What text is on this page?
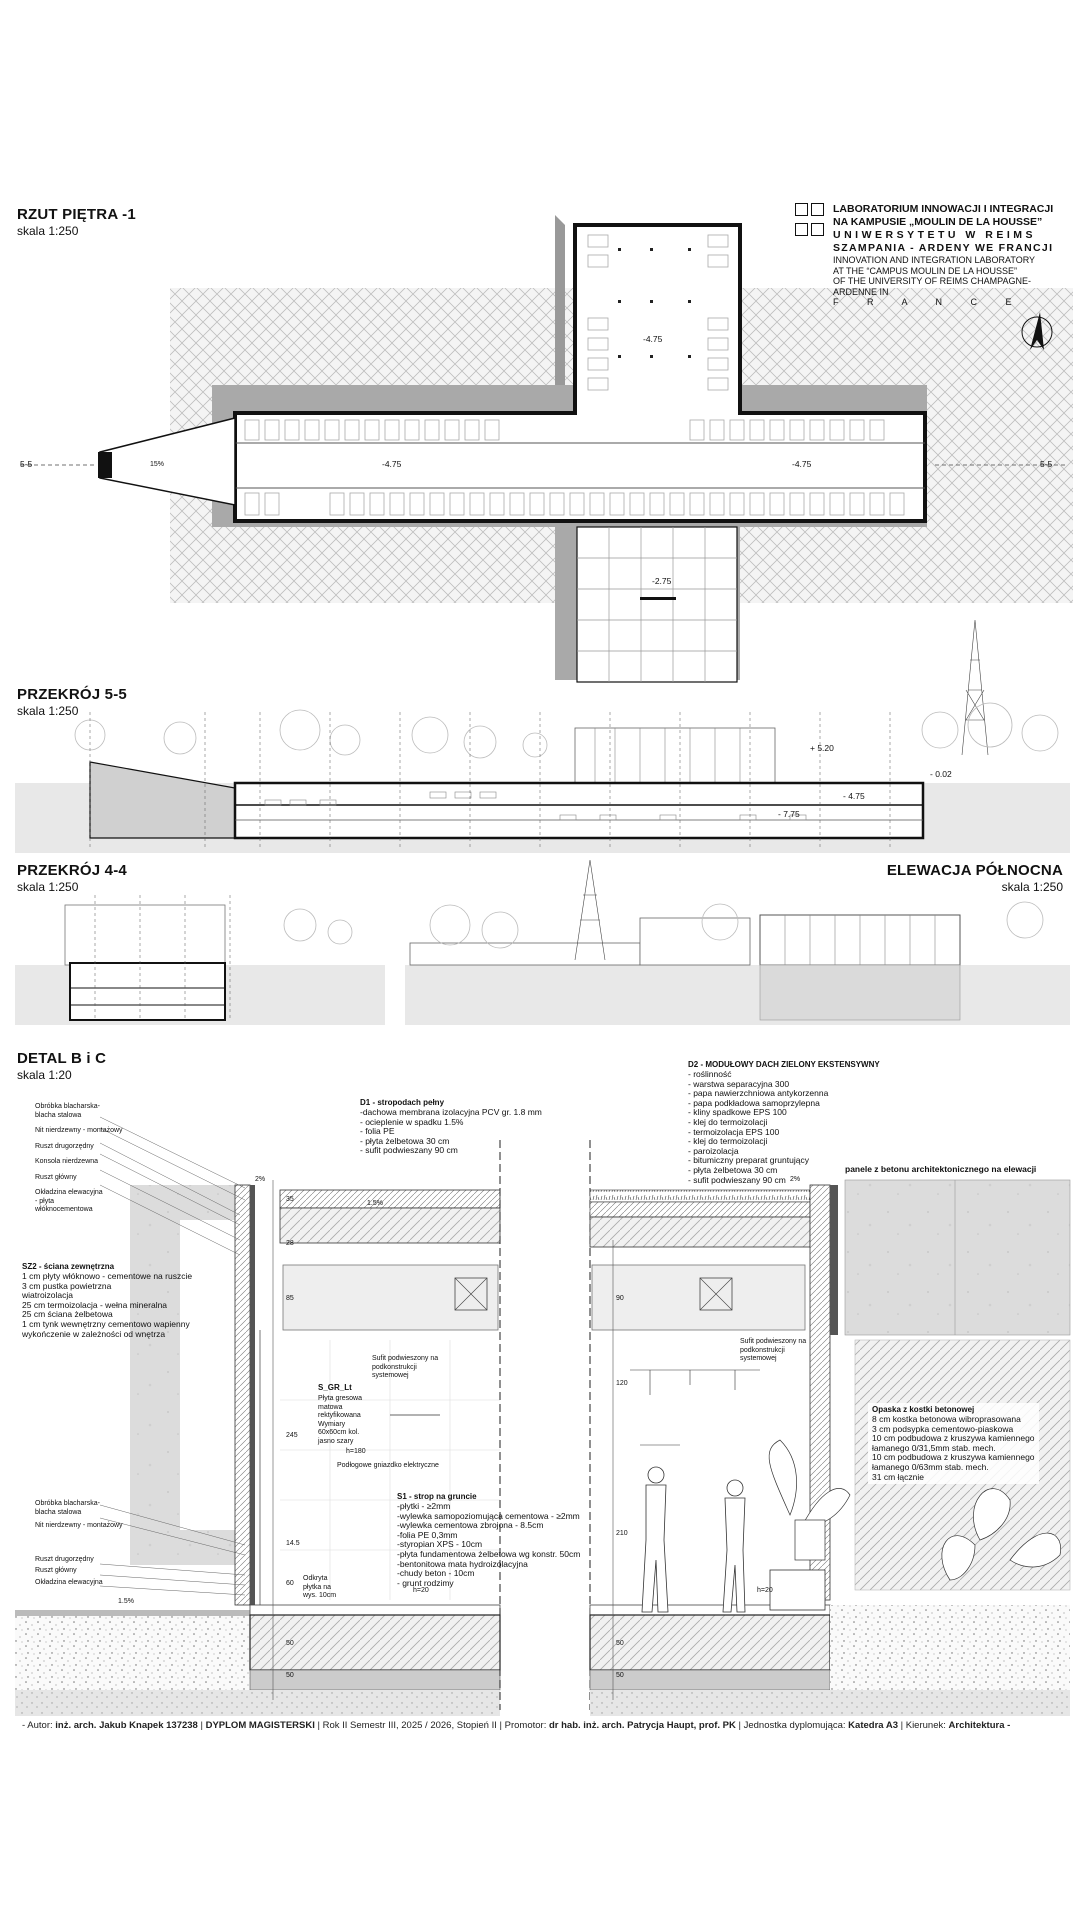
RZUT PIĘTRA -1
skala 1:250

LABORATORIUM INNOWACJI I INTEGRACJI

NA KAMPUSIE „MOULIN DE LA HOUSSE”

UNIWERSYTETU W REIMS

SZAMPANIA - ARDENY WE FRANCJI

INNOVATION AND INTEGRATION LABORATORY

AT THE “CAMPUS MOULIN DE LA HOUSSE”

OF THE UNIVERSITY OF REIMS CHAMPAGNE-ARDENNE IN

F R A N C E

-4.75
-4.75	-4.75
-2.75
15%
5-5	5-5
PRZEKRÓJ 5-5
skala 1:250
+ 5.20
- 0.02
- 4.75
- 7.75
PRZEKRÓJ 4-4
skala 1:250
ELEWACJA PÓŁNOCNA
skala 1:250
DETAL B i C
skala 1:20
Obróbka blacharska- blacha stalowa
Nit nierdzewny - montażowy
Ruszt drugorzędny
Konsola nierdzewna
Ruszt główny
Okładzina elewacyjna - płyta włóknocementowa
Obróbka blacharska- blacha stalowa
Nit nierdzewny - montażowy
Ruszt drugorzędny
Ruszt główny
Okładzina elewacyjna
SZ2 - ściana zewnętrzna
1 cm płyty włóknowo - cementowe na ruszcie
3 cm pustka powietrzna
wiatroizolacja
25 cm termoizolacja - wełna mineralna
25 cm ściana żelbetowa
1 cm tynk wewnętrzny cementowo wapienny
wykończenie w zależności od wnętrza
D1 - stropodach pełny
-dachowa membrana izolacyjna PCV gr. 1.8 mm
- ocieplenie w spadku 1.5%
- folia PE
- płyta żelbetowa 30 cm
- sufit podwieszany 90 cm
D2 - MODUŁOWY DACH ZIELONY EKSTENSYWNY
- roślinność
- warstwa separacyjna 300
- papa nawierzchniowa antykorzenna
- papa podkładowa samoprzylepna
- kliny spadkowe EPS 100
- klej do termoizolacji
- termoizolacja EPS 100
- klej do termoizolacji
- paroizolacja
- bitumiczny preparat gruntujący
- płyta żelbetowa 30 cm
- sufit podwieszany 90 cm
panele z betonu architektonicznego na elewacji
S1 - strop na gruncie
-płytki - ≥2mm
-wylewka samopoziomująca cementowa - ≥2mm
-wylewka cementowa zbrojona - 8.5cm
-folia PE 0,3mm
-styropian XPS - 10cm
-płyta fundamentowa żelbetowa wg konstr. 50cm
-bentonitowa mata hydroizolacyjna
-chudy beton - 10cm
- grunt rodzimy
Opaska z kostki betonowej
8 cm kostka betonowa wibroprasowana
3 cm podsypka cementowo-piaskowa
10 cm podbudowa z kruszywa kamiennego
łamanego 0/31,5mm stab. mech.
10 cm podbudowa z kruszywa kamiennego
łamanego 0/63mm stab. mech.
31 cm łącznie
Sufit podwieszony na podkonstrukcji systemowej
Sufit podwieszony na podkonstrukcji systemowej
S_GR_Lt
Płyta gresowa matowa rektyfikowana Wymiary 60x60cm kol. jasno szary
Podłogowe gniazdko elektryczne
Odkryta płytka na wys. 10cm
35
28
85
245
14.5
60
50
50
90
120
210
50
50
h=180
h=20	h=20
2%
1.5%
2%
1.5%
- Autor: inż. arch. Jakub Knapek 137238 | DYPLOM MAGISTERSKI | Rok II Semestr III, 2025 / 2026, Stopień II | Promotor: dr hab. inż. arch. Patrycja Haupt, prof. PK | Jednostka dyplomująca: Katedra A3 | Kierunek: Architektura -
